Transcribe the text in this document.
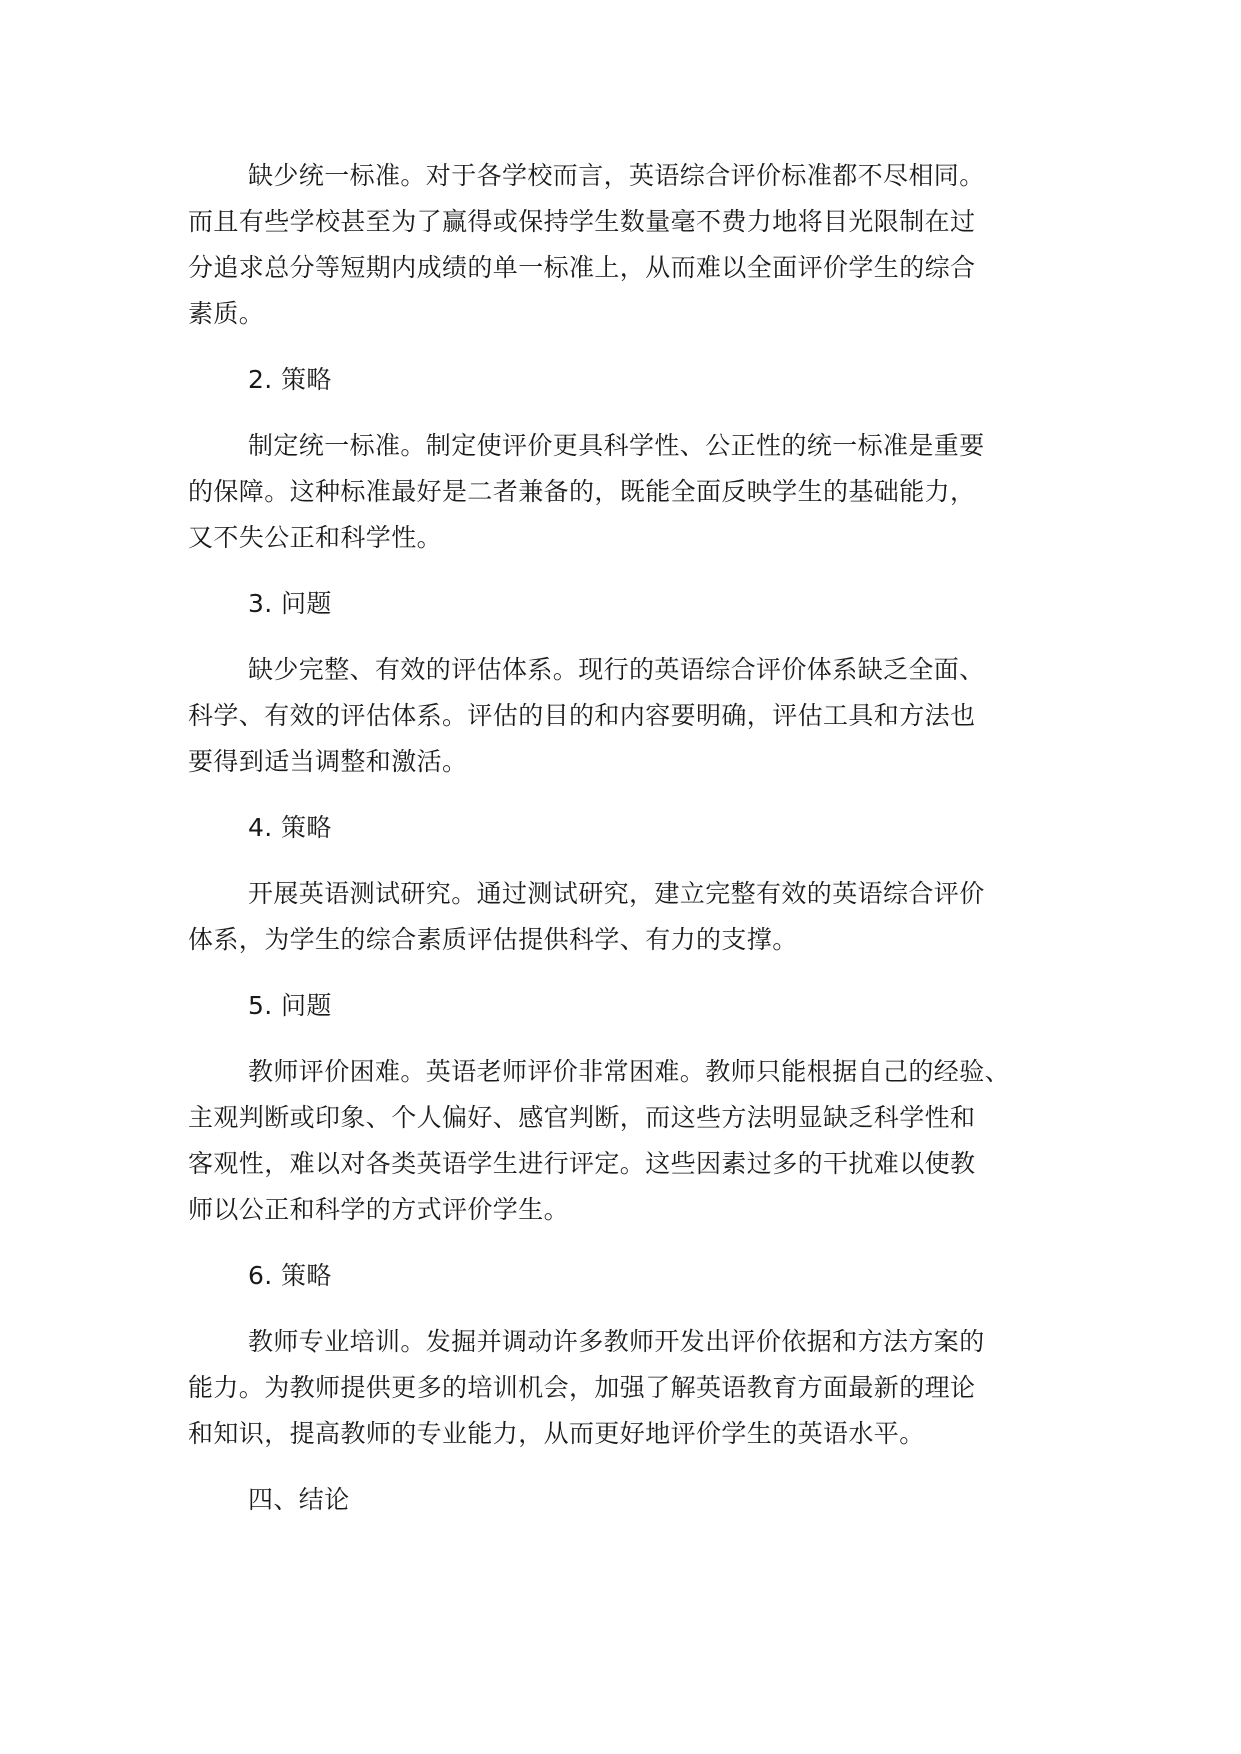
缺少统一标准。对于各学校而言，英语综合评价标准都不尽相同。

而且有些学校甚至为了赢得或保持学生数量毫不费力地将目光限制在过

分追求总分等短期内成绩的单一标准上，从而难以全面评价学生的综合

素质。

2. 策略

制定统一标准。制定使评价更具科学性、公正性的统一标准是重要

的保障。这种标准最好是二者兼备的，既能全面反映学生的基础能力，

又不失公正和科学性。

3. 问题

缺少完整、有效的评估体系。现行的英语综合评价体系缺乏全面、

科学、有效的评估体系。评估的目的和内容要明确，评估工具和方法也

要得到适当调整和激活。

4. 策略

开展英语测试研究。通过测试研究，建立完整有效的英语综合评价

体系，为学生的综合素质评估提供科学、有力的支撑。

5. 问题

教师评价困难。英语老师评价非常困难。教师只能根据自己的经验、

主观判断或印象、个人偏好、感官判断，而这些方法明显缺乏科学性和

客观性，难以对各类英语学生进行评定。这些因素过多的干扰难以使教

师以公正和科学的方式评价学生。

6. 策略

教师专业培训。发掘并调动许多教师开发出评价依据和方法方案的

能力。为教师提供更多的培训机会，加强了解英语教育方面最新的理论

和知识，提高教师的专业能力，从而更好地评价学生的英语水平。

四、结论
